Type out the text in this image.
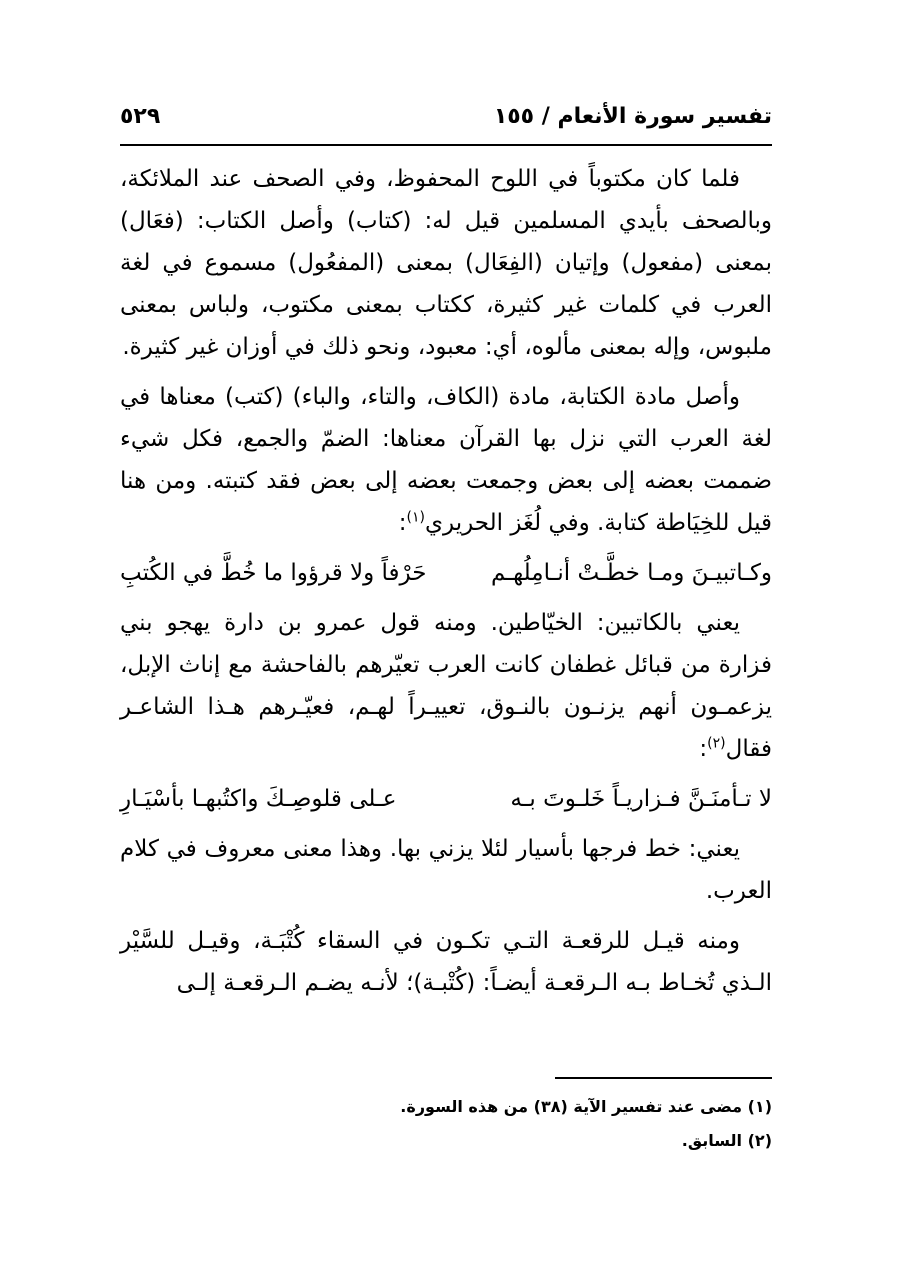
تفسير سورة الأنعام / ١٥٥
٥٢٩

فلما كان مكتوباً في اللوح المحفوظ، وفي الصحف عند الملائكة، وبالصحف بأيدي المسلمين قيل له: (كتاب) وأصل الكتاب: (فعَال) بمعنى (مفعول) وإتيان (الفِعَال) بمعنى (المفعُول) مسموع في لغة العرب في كلمات غير كثيرة، ككتاب بمعنى مكتوب، ولباس بمعنى ملبوس، وإله بمعنى مألوه، أي: معبود، ونحو ذلك في أوزان غير كثيرة.

وأصل مادة الكتابة، مادة (الكاف، والتاء، والباء) (كتب) معناها في لغة العرب التي نزل بها القرآن معناها: الضمّ والجمع، فكل شيء ضممت بعضه إلى بعض وجمعت بعضه إلى بعض فقد كتبته. ومن هنا قيل للخِيَاطة كتابة. وفي لُغَز الحريري$^{(١)}$:

وكـاتبيـنَ ومـا خطَّـتْ أنـامِلُهـم
حَرْفاً ولا قرؤوا ما خُطَّ في الكُتبِ

يعني بالكاتبين: الخيّاطين. ومنه قول عمرو بن دارة يهجو بني فزارة من قبائل غطفان كانت العرب تعيّرهم بالفاحشة مع إناث الإبل، يزعمـون أنهم يزنـون بالنـوق، تعييـراً لهـم، فعيّـرهم هـذا الشاعـر فقال$^{(٢)}$:

لا تـأمنَـنَّ فـزاريـاً خَلـوتَ بـه
عـلى قلوصِـكَ واكتُبهـا بأسْيَـارِ

يعني: خط فرجها بأسيار لئلا يزني بها. وهذا معنى معروف في كلام العرب.

ومنه قيـل للرقعـة التـي تكـون في السقاء كُتْبَـة، وقيـل للسَّيْر الـذي تُخـاط بـه الـرقعـة أيضـاً: (كُتْبـة)؛ لأنـه يضـم الـرقعـة إلـى

(١) مضى عند تفسير الآية (٣٨) من هذه السورة.
(٢) السابق.
